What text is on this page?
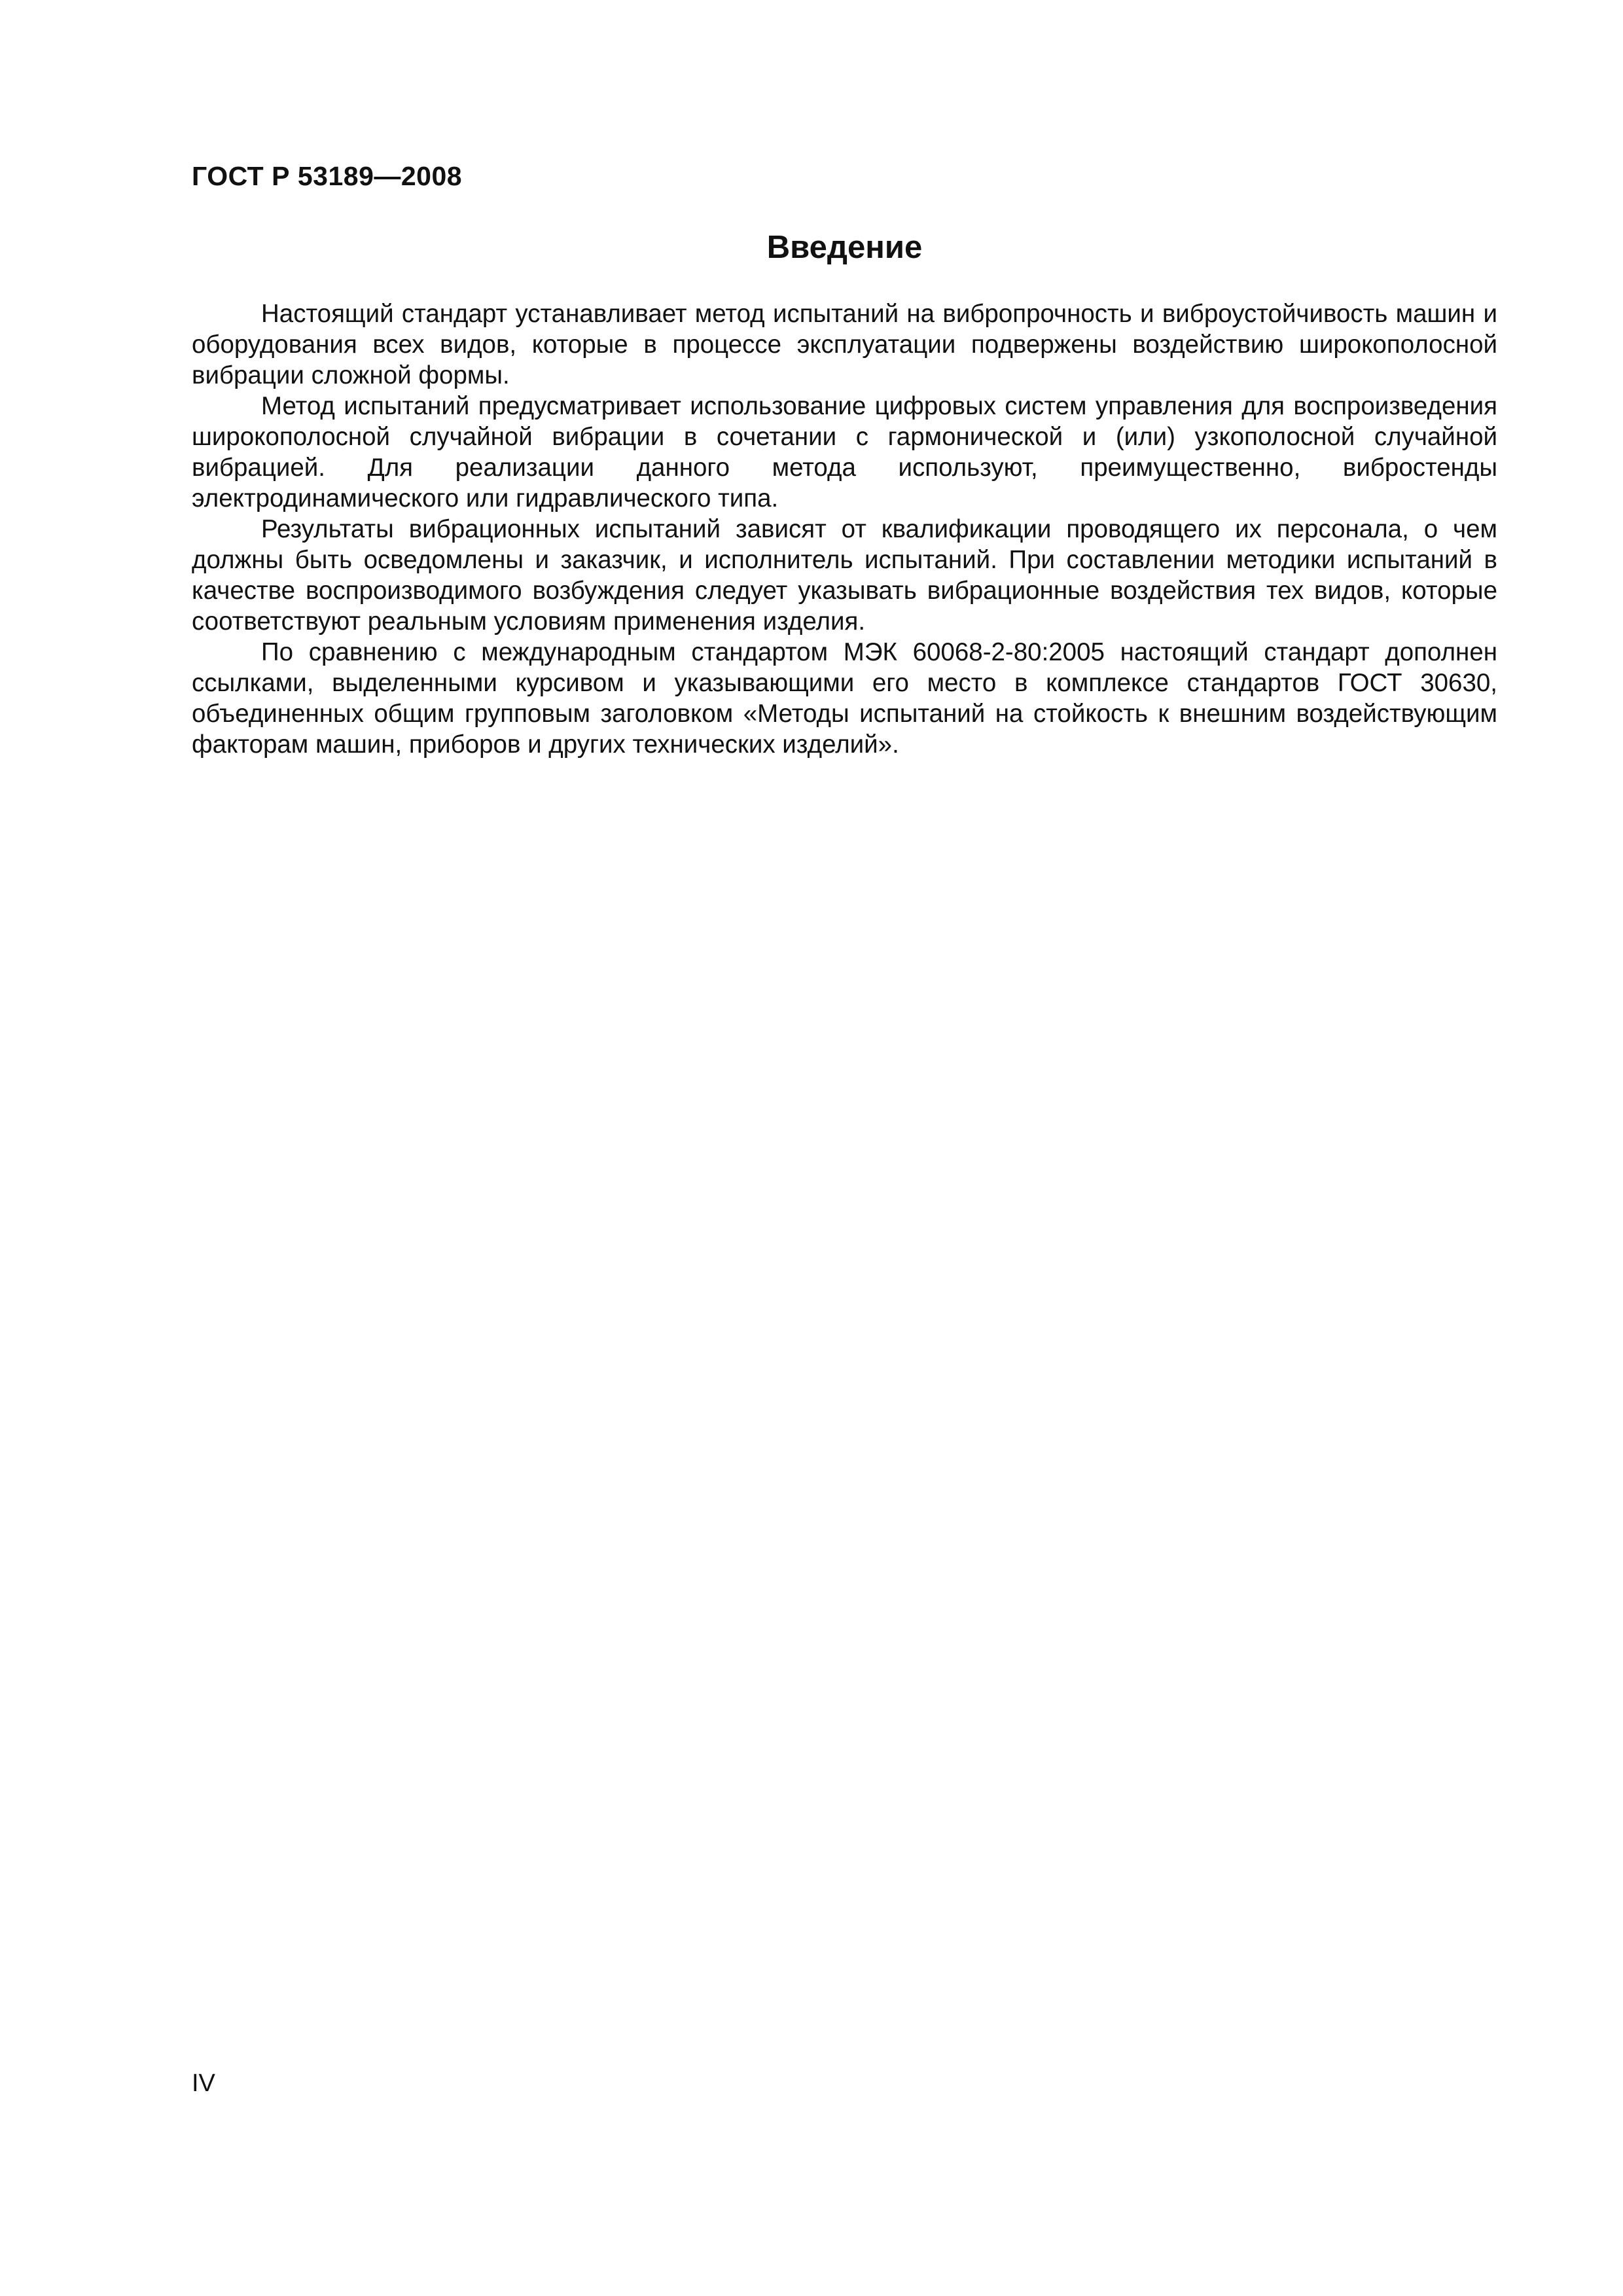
ГОСТ Р 53189—2008

Введение

Настоящий стандарт устанавливает метод испытаний на вибропрочность и виброустойчивость машин и оборудования всех видов, которые в процессе эксплуатации подвержены воздействию широкополосной вибрации сложной формы.

Метод испытаний предусматривает использование цифровых систем управления для воспроизведения широкополосной случайной вибрации в сочетании с гармонической и (или) узкополосной случайной вибрацией. Для реализации данного метода используют, преимущественно, вибростенды электродинамического или гидравлического типа.

Результаты вибрационных испытаний зависят от квалификации проводящего их персонала, о чем должны быть осведомлены и заказчик, и исполнитель испытаний. При составлении методики испытаний в качестве воспроизводимого возбуждения следует указывать вибрационные воздействия тех видов, которые соответствуют реальным условиям применения изделия.

По сравнению с международным стандартом МЭК 60068-2-80:2005 настоящий стандарт дополнен ссылками, выделенными курсивом и указывающими его место в комплексе стандартов ГОСТ 30630, объединенных общим групповым заголовком «Методы испытаний на стойкость к внешним воздействующим факторам машин, приборов и других технических изделий».

IV
